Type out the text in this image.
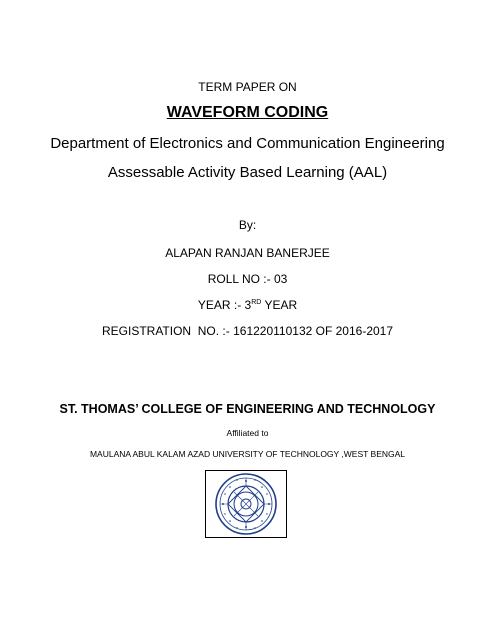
TERM PAPER ON
WAVEFORM CODING
Department of Electronics and Communication Engineering
Assessable Activity Based Learning (AAL)
By:
ALAPAN RANJAN BANERJEE
ROLL NO :- 03
YEAR :- 3RD YEAR
REGISTRATION  NO. :- 161220110132 OF 2016-2017
ST. THOMAS’ COLLEGE OF ENGINEERING AND TECHNOLOGY
Affiliated to
MAULANA ABUL KALAM AZAD UNIVERSITY OF TECHNOLOGY ,WEST BENGAL
